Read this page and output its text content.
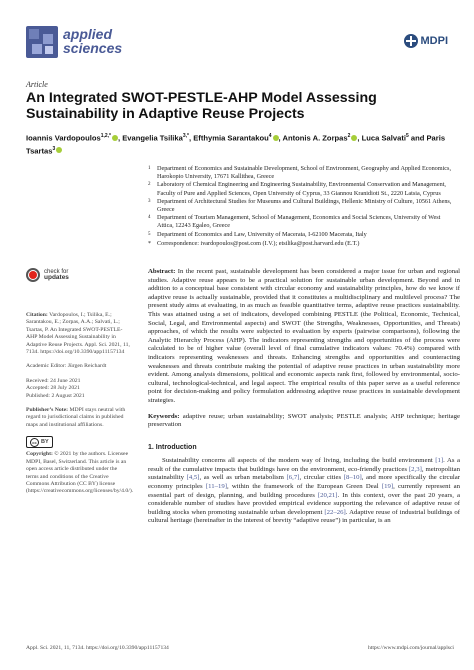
applied
sciences	MDPI
Article
An Integrated SWOT-PESTLE-AHP Model Assessing Sustainability in Adaptive Reuse Projects
Ioannis Vardopoulos$^{1,2,*}$ , Evangelia Tsilika$^{3,*}$, Efthymia Sarantakou$^4$ , Antonis A. Zorpas$^2$ , Luca Salvati$^5$ and Paris Tsartas$^3$
1	Department of Economics and Sustainable Development, School of Environment, Geography and Applied Economics, Harokopio University, 17671 Kallithea, Greece
2	Laboratory of Chemical Engineering and Engineering Sustainability, Environmental Conservation and Management, Faculty of Pure and Applied Sciences, Open University of Cyprus, 33 Giannou Kranidioti St., 2220 Latsia, Cyprus
3	Department of Architectural Studies for Museums and Cultural Buildings, Hellenic Ministry of Culture, 10561 Athens, Greece
4	Department of Tourism Management, School of Management, Economics and Social Sciences, University of West Attica, 12243 Egaleo, Greece
5	Department of Economics and Law, University of Macerata, I-62100 Macerata, Italy
* Correspondence: ivardopoulos@post.com (I.V.); etsilika@post.harvard.edu (E.T.)
check for
updates
Citation: Vardopoulos, I.; Tsilika, E.; Sarantakou, E.; Zorpas, A.A.; Salvati, L.; Tsartas, P. An Integrated SWOT-PESTLE-AHP Model Assessing Sustainability in Adaptive Reuse Projects. Appl. Sci. 2021, 11, 7134. https://doi.org/10.3390/app11157134
Academic Editor: Jürgen Reichardt
Received: 24 June 2021
Accepted: 28 July 2021
Published: 2 August 2021
Publisher’s Note: MDPI stays neutral with regard to jurisdictional claims in published maps and institutional affiliations.
cc BY
Copyright: © 2021 by the authors. Licensee MDPI, Basel, Switzerland. This article is an open access article distributed under the terms and conditions of the Creative Commons Attribution (CC BY) license (https://creativecommons.org/licenses/by/4.0/).

Abstract: In the recent past, sustainable development has been considered a major issue for urban and regional studies. Adaptive reuse appears to be a practical solution for sustainable urban development. Beyond and in addition to a conceptual base consistent with circular economy and sustainability principles, how do we know if adaptive reuse is actually sustainable, provided that it constitutes a multidisciplinary and multilevel process? The present study aims at evaluating, in as much as feasible quantitative terms, adaptive reuse practices sustainability. This was attained using a set of indicators, developed combining PESTLE (the Political, Economic, Technical, Social, Legal, and Environmental aspects) and SWOT (the Strengths, Weaknesses, Opportunities, and Threats) approaches, of which the results were subjected to evaluation by experts (pairwise comparisons), following the Analytic Hierarchy Process (AHP). The indicators representing strengths and opportunities of the process were calculated to be of higher value (overall level of final cumulative indicators values: 70.4%) compared with indicators representing weaknesses and threats. Enhancing strengths and opportunities and counteracting weaknesses and threats contribute making the potential of adaptive reuse practices in urban sustainability more evident. Among analysis dimensions, political and economic aspects rank first, followed by environmental, socio-cultural, technological-technical, and legal aspect. The empirical results of this paper serve as a useful reference point for decision-making and policy formulation addressing adaptive reuse practices in sustainable development strategies.

Keywords: adaptive reuse; urban sustainability; SWOT analysis; PESTLE analysis; AHP technique; heritage preservation
1. Introduction
Sustainability concerns all aspects of the modern way of living, including the build environment [1]. As a result of the cumulative impacts that buildings have on the environment, eco-friendly practices [2,3], metropolitan sustainability [4,5], as well as urban metabolism [6,7], circular cities [8–10], and more specifically the circular economy principles [11–19], within the framework of the European Green Deal [19], currently represent an essential part of design, planning, and building procedures [20,21]. In this context, over the past 20 years, a considerable number of studies have provided empirical evidence supporting the relevance of adaptive reuse of building stocks when promoting sustainable urban development [22–26]. Adaptive reuse of industrial buildings of cultural heritage (hereinafter in the interest of brevity “adaptive reuse”) in particular, is an
Appl. Sci. 2021, 11, 7134. https://doi.org/10.3390/app11157134	https://www.mdpi.com/journal/applsci
